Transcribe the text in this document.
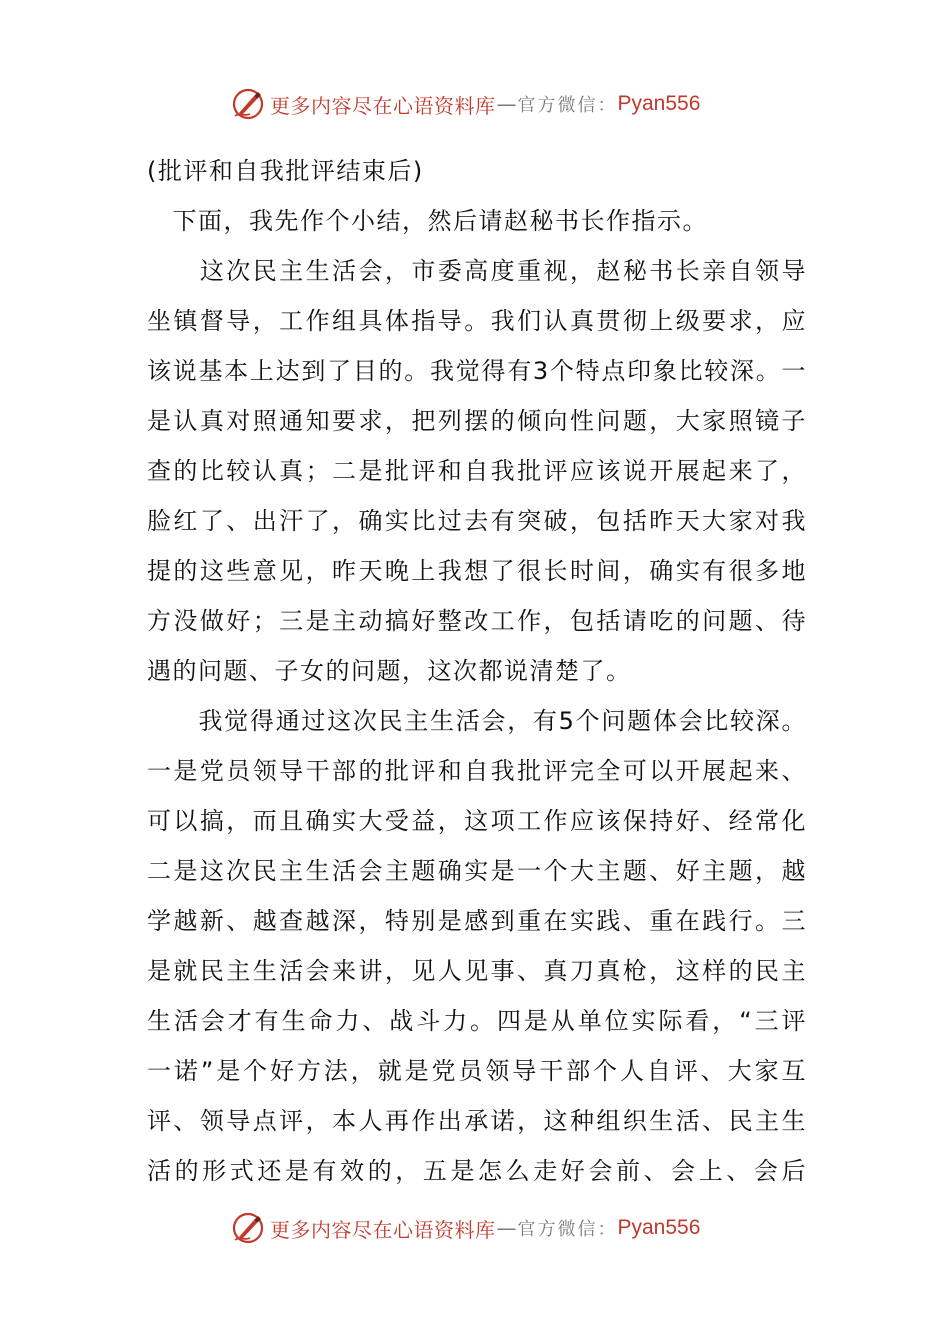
更多内容尽在心语资料库 — 官方微信： Pyan556
(批评和自我批评结束后)
　下面，我先作个小结，然后请赵秘书长作指示。
　　这次民主生活会，市委高度重视，赵秘书长亲自领导
坐镇督导，工作组具体指导。我们认真贯彻上级要求，应
该说基本上达到了目的。我觉得有3个特点印象比较深。一
是认真对照通知要求，把列摆的倾向性问题，大家照镜子
查的比较认真；二是批评和自我批评应该说开展起来了，
脸红了、出汗了，确实比过去有突破，包括昨天大家对我
提的这些意见，昨天晚上我想了很长时间，确实有很多地
方没做好；三是主动搞好整改工作，包括请吃的问题、待
遇的问题、子女的问题，这次都说清楚了。
　　我觉得通过这次民主生活会，有5个问题体会比较深。
一是党员领导干部的批评和自我批评完全可以开展起来、
可以搞，而且确实大受益，这项工作应该保持好、经常化
二是这次民主生活会主题确实是一个大主题、好主题，越
学越新、越查越深，特别是感到重在实践、重在践行。三
是就民主生活会来讲，见人见事、真刀真枪，这样的民主
生活会才有生命力、战斗力。四是从单位实际看，“三评
一诺”是个好方法，就是党员领导干部个人自评、大家互
评、领导点评，本人再作出承诺，这种组织生活、民主生
活的形式还是有效的，五是怎么走好会前、会上、会后
更多内容尽在心语资料库 — 官方微信： Pyan556
